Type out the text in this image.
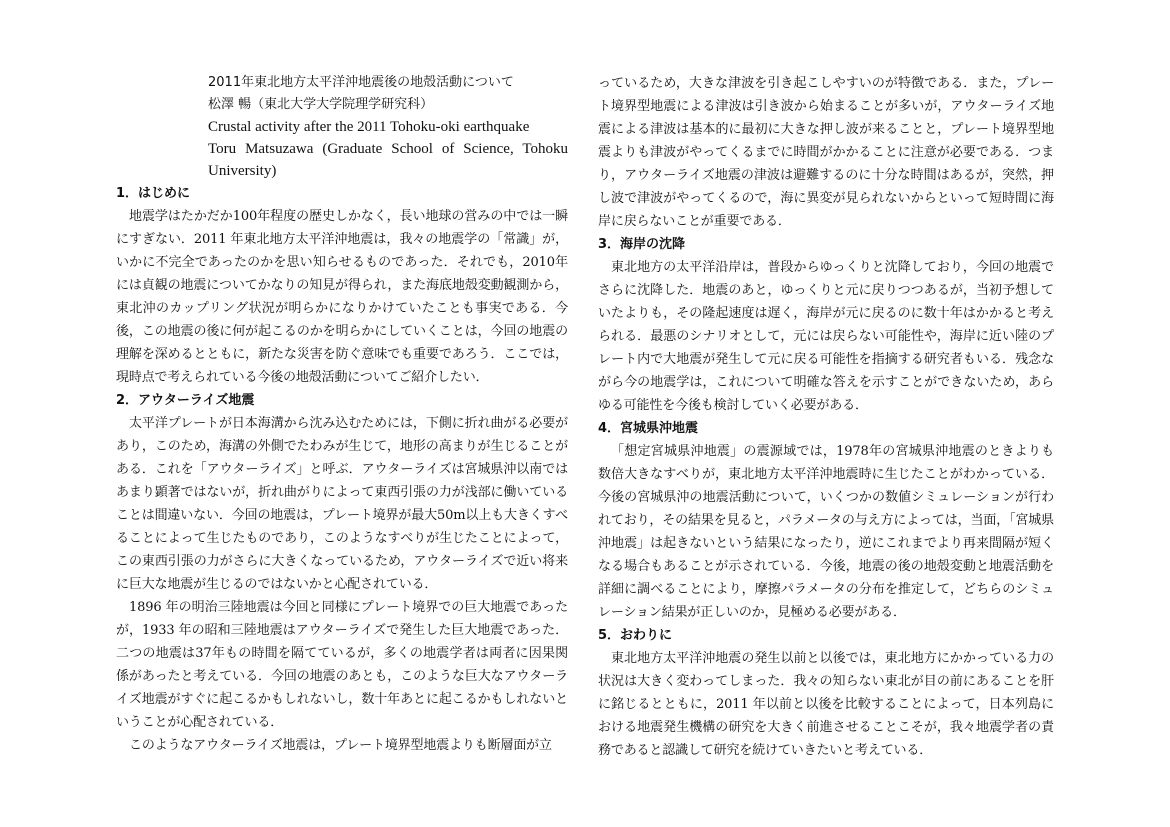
2011年東北地方太平洋沖地震後の地殻活動について
松澤 暢（東北大学大学院理学研究科）
Crustal activity after the 2011 Tohoku-oki earthquake
Toru Matsuzawa (Graduate School of Science, Tohoku University)

1．はじめに

地震学はたかだか100年程度の歴史しかなく，長い地球の営みの中では一瞬にすぎない．2011 年東北地方太平洋沖地震は，我々の地震学の「常識」が，いかに不完全であったのかを思い知らせるものであった．それでも，2010年には貞観の地震についてかなりの知見が得られ，また海底地殻変動観測から，東北沖のカップリング状況が明らかになりかけていたことも事実である．今後，この地震の後に何が起こるのかを明らかにしていくことは，今回の地震の理解を深めるとともに，新たな災害を防ぐ意味でも重要であろう．ここでは，現時点で考えられている今後の地殻活動についてご紹介したい．

2．アウターライズ地震

太平洋プレートが日本海溝から沈み込むためには，下側に折れ曲がる必要があり，このため，海溝の外側でたわみが生じて，地形の高まりが生じることがある．これを「アウターライズ」と呼ぶ．アウターライズは宮城県沖以南ではあまり顕著ではないが，折れ曲がりによって東西引張の力が浅部に働いていることは間違いない．今回の地震は，プレート境界が最大50m以上も大きくすべることによって生じたものであり，このようなすべりが生じたことによって，この東西引張の力がさらに大きくなっているため，アウターライズで近い将来に巨大な地震が生じるのではないかと心配されている．

1896 年の明治三陸地震は今回と同様にプレート境界での巨大地震であったが，1933 年の昭和三陸地震はアウターライズで発生した巨大地震であった．二つの地震は37年もの時間を隔てているが，多くの地震学者は両者に因果関係があったと考えている．今回の地震のあとも，このような巨大なアウターライズ地震がすぐに起こるかもしれないし，数十年あとに起こるかもしれないということが心配されている．

このようなアウターライズ地震は，プレート境界型地震よりも断層面が立

っているため，大きな津波を引き起こしやすいのが特徴である．また，プレート境界型地震による津波は引き波から始まることが多いが，アウターライズ地震による津波は基本的に最初に大きな押し波が来ることと，プレート境界型地震よりも津波がやってくるまでに時間がかかることに注意が必要である．つまり，アウターライズ地震の津波は避難するのに十分な時間はあるが，突然，押し波で津波がやってくるので，海に異変が見られないからといって短時間に海岸に戻らないことが重要である．

3．海岸の沈降

東北地方の太平洋沿岸は，普段からゆっくりと沈降しており，今回の地震でさらに沈降した．地震のあと，ゆっくりと元に戻りつつあるが，当初予想していたよりも，その隆起速度は遅く，海岸が元に戻るのに数十年はかかると考えられる．最悪のシナリオとして，元には戻らない可能性や，海岸に近い陸のプレート内で大地震が発生して元に戻る可能性を指摘する研究者もいる．残念ながら今の地震学は，これについて明確な答えを示すことができないため，あらゆる可能性を今後も検討していく必要がある．

4．宮城県沖地震

「想定宮城県沖地震」の震源域では，1978年の宮城県沖地震のときよりも数倍大きなすべりが，東北地方太平洋沖地震時に生じたことがわかっている．今後の宮城県沖の地震活動について，いくつかの数値シミュレーションが行われており，その結果を見ると，パラメータの与え方によっては，当面，「宮城県沖地震」は起きないという結果になったり，逆にこれまでより再来間隔が短くなる場合もあることが示されている．今後，地震の後の地殻変動と地震活動を詳細に調べることにより，摩擦パラメータの分布を推定して，どちらのシミュレーション結果が正しいのか，見極める必要がある．

5．おわりに

東北地方太平洋沖地震の発生以前と以後では，東北地方にかかっている力の状況は大きく変わってしまった．我々の知らない東北が目の前にあることを肝に銘じるとともに，2011 年以前と以後を比較することによって，日本列島における地震発生機構の研究を大きく前進させることこそが，我々地震学者の責務であると認識して研究を続けていきたいと考えている．
